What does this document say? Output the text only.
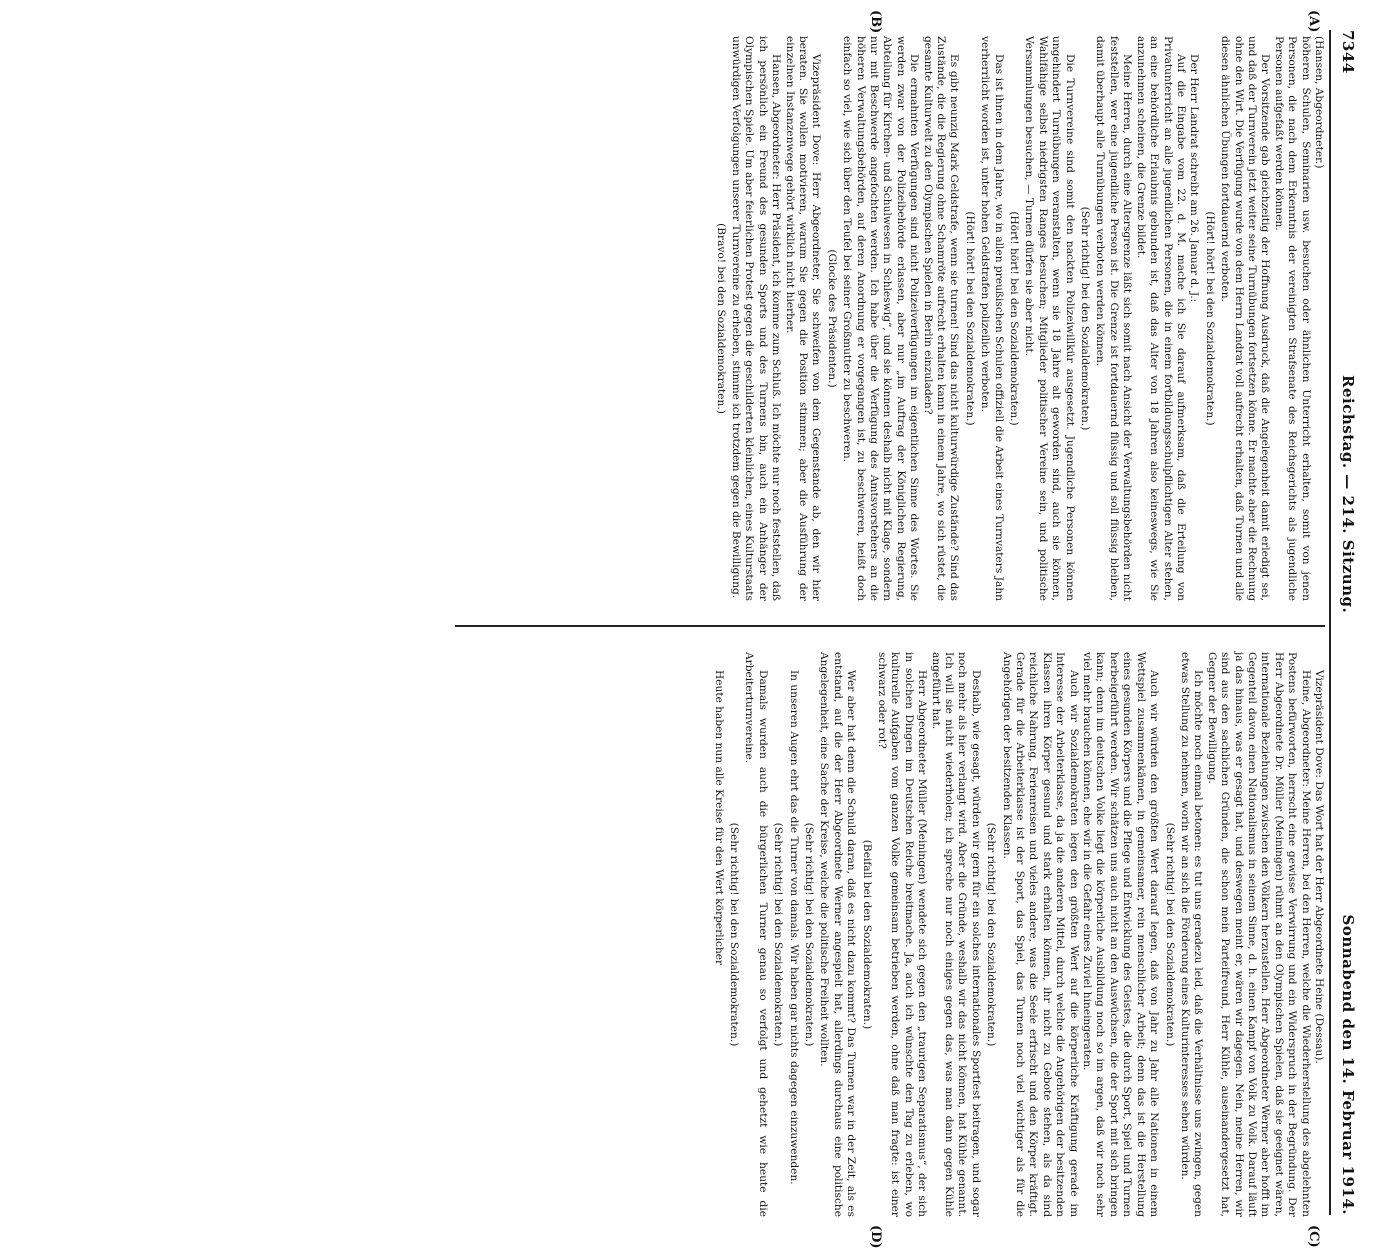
7344
Reichstag. — 214. Sitzung.
Sonnabend den 14. Februar 1914.
(A)
(B)
(C)
(D)

(Hansen, Abgeordneter.)

höheren Schulen, Seminarien usw. besuchen oder ähnlichen Unterricht erhalten, somit von jenen Personen, die nach dem Erkenntnis der vereinigten Strafsenate des Reichsgerichts als jugendliche Personen aufgefaßt werden können.

Der Vorsitzende gab gleichzeitig der Hoffnung Ausdruck, daß die Angelegenheit damit erledigt sei, und daß der Turnverein jetzt weiter seine Turnübungen fortsetzen könne. Er machte aber die Rechnung ohne den Wirt. Die Verfügung wurde von dem Herrn Landrat voll aufrecht erhalten, daß Turnen und alle diesen ähnlichen Übungen fortdauernd verboten.

(Hört! hört! bei den Sozialdemokraten.)

Der Herr Landrat schreibt am 26. Januar d. J.:

Auf die Eingabe vom 22. d. M. mache ich Sie darauf aufmerksam, daß die Erteilung von Privatunterricht an alle jugendlichen Personen, die in einem fortbildungsschulpflichtigen Alter stehen, an eine behördliche Erlaubnis gebunden ist, daß das Alter von 18 Jahren also keineswegs, wie Sie anzunehmen scheinen, die Grenze bildet.

Meine Herren, durch eine Altersgrenze läßt sich somit nach Ansicht der Verwaltungsbehörden nicht feststellen, wer eine jugendliche Person ist. Die Grenze ist fortdauernd flüssig und soll flüssig bleiben, damit überhaupt alle Turnübungen verboten werden können.

(Sehr richtig! bei den Sozialdemokraten.)

Die Turnvereine sind somit den nackten Polizeiwillkür ausgesetzt. Jugendliche Personen können ungehindert Turnübungen veranstalten, wenn sie 18 Jahre alt geworden sind, auch sie können, Wahlfähige selbst niedrigsten Ranges besuchen; Mitglieder politischer Vereine sein, und politische Versammlungen besuchen, — Turnen dürfen sie aber nicht.

(Hört! hört! bei den Sozialdemokraten.)

Das ist ihnen in dem Jahre, wo in allen preußischen Schulen offiziell die Arbeit eines Turnvaters Jahn verherrlicht worden ist, unter hohen Geldstrafen polizeilich verboten.

(Hört! hört! bei den Sozialdemokraten.)

Es gibt neunzig Mark Geldstrafe, wenn sie turnen! Sind das nicht kulturwürdige Zustände? Sind das Zustände, die die Regierung ohne Schamröte aufrecht erhalten kann in einem Jahre, wo sich rüstet, die gesamte Kulturwelt zu den Olympischen Spielen in Berlin einzuladen?

Die ermahnten Verfügungen sind nicht Polizeiverfügungen im eigentlichen Sinne des Wortes. Sie werden zwar von der Polizeibehörde erlassen, aber nur „im Auftrag der Königlichen Regierung, Abteilung für Kirchen- und Schulwesen in Schleswig“, und sie können deshalb nicht mit Klage, sondern nur mit Beschwerde angefochten werden. Ich habe über die Verfügung des Amtsvorstehers an die höheren Verwaltungsbehörden, auf deren Anordnung er vorgegangen ist, zu beschweren, heißt doch einfach so viel, wie sich über den Teufel bei seiner Großmutter zu beschweren.

(Glocke des Präsidenten.)

Vizepräsident Dove: Herr Abgeordneter, Sie schweifen von dem Gegenstande ab, den wir hier beraten. Sie wollen motivieren, warum Sie gegen die Position stimmen; aber die Ausführung der einzelnen Instanzenwege gehört wirklich nicht hierher.

Hansen, Abgeordneter: Herr Präsident, ich komme zum Schluß. Ich möchte nur noch feststellen, daß ich persönlich ein Freund des gesunden Sports und des Turnens bin, auch ein Anhänger der Olympischen Spiele. Um aber feierlichen Protest gegen die geschilderten kleinlichen, eines Kulturstaats unwürdigen Verfolgungen unserer Turnvereine zu erheben, stimme ich trotzdem gegen die Bewilligung.

(Bravo! bei den Sozialdemokraten.)

Vizepräsident Dove: Das Wort hat der Herr Abgeordnete Heine (Dessau).

Heine, Abgeordneter: Meine Herren, bei den Herren, welche die Wiederherstellung des abgelehnten Postens befürworten, herrscht eine gewisse Verwirrung und ein Widerspruch in der Begründung. Der Herr Abgeordnete Dr. Müller (Meiningen) rühmt an den Olympischen Spielen, daß sie geeignet wären, internationale Beziehungen zwischen den Völkern herzustellen. Herr Abgeordneter Werner aber hofft im Gegenteil davon einen Nationalismus in seinem Sinne, d. h. einen Kampf von Volk zu Volk. Darauf läuft ja das hinaus, was er gesagt hat, und deswegen meint er, wären wir dagegen. Nein, meine Herren, wir sind aus den sachlichen Gründen, die schon mein Parteifreund, Herr Kühle, auseinandergesetzt hat, Gegner der Bewilligung.

Ich möchte noch einmal betonen: es tut uns geradezu leid, daß die Verhältnisse uns zwingen, gegen etwas Stellung zu nehmen, worin wir an sich die Förderung eines Kulturinteresses sehen würden.

(Sehr richtig! bei den Sozialdemokraten.)

Auch wir würden den größten Wert darauf legen, daß von Jahr zu Jahr alle Nationen in einem Wettspiel zusammenkämen, in gemeinsamer, rein menschlicher Arbeit; denn das ist die Herstellung eines gesunden Körpers und die Pflege und Entwicklung des Geistes, die durch Sport, Spiel und Turnen herbeigeführt werden. Wir schätzen uns auch nicht an den Auswüchsen, die der Sport mit sich bringen kann; denn im deutschen Volke liegt die körperliche Ausbildung noch so im argen, daß wir noch sehr viel mehr brauchen können, ehe wir in die Gefahr eines Zuviel hineingeraten.

Auch wir Sozialdemokraten legen den größten Wert auf die körperliche Kräftigung gerade im Interesse der Arbeiterklasse, da ja die anderen Mittel, durch welche die Angehörigen der besitzenden Klassen ihren Körper gesund und stark erhalten können, ihr nicht zu Gebote stehen, als da sind reichliche Nahrung, Ferienreisen und vieles andere, was die Seele erfrischt und den Körper kräftigt. Gerade für die Arbeiterklasse ist der Sport, das Spiel, das Turnen noch viel wichtiger als für die Angehörigen der besitzenden Klassen.

(Sehr richtig! bei den Sozialdemokraten.)

Deshalb, wie gesagt, würden wir gern für ein solches internationales Sportfest beitragen, und sogar noch mehr als hier verlangt wird. Aber die Gründe, weshalb wir das nicht können, hat Kühle genannt. Ich will sie nicht wiederholen; ich spreche nur noch einiges gegen das, was man dann gegen Kühle angeführt hat.

Herr Abgeordneter Müller (Meiningen) wendete sich gegen den „traurigen Separatismus“, der sich in solchen Dingen im Deutschen Reiche breitmache. Ja, auch ich wünschte den Tag zu erleben, wo kulturelle Aufgaben vom ganzen Volke gemeinsam betrieben werden, ohne daß man fragte: ist einer schwarz oder rot?

(Beifall bei den Sozialdemokraten.)

Wer aber hat denn die Schuld daran, daß es nicht dazu kommt? Das Turnen war in der Zeit, als es entstand, auf die der Herr Abgeordnete Werner angespielt hat, allerdings durchaus eine politische Angelegenheit, eine Sache der Kreise, welche die politische Freiheit wollten.

(Sehr richtig! bei den Sozialdemokraten.)

In unseren Augen ehrt das die Turner von damals. Wir haben gar nichts dagegen einzuwenden.

(Sehr richtig! bei den Sozialdemokraten.)

Damals wurden auch die bürgerlichen Turner genau so verfolgt und gehetzt wie heute die Arbeiterturnvereine.

(Sehr richtig! bei den Sozialdemokraten.)

Heute haben nun alle Kreise für den Wert körperlicher
